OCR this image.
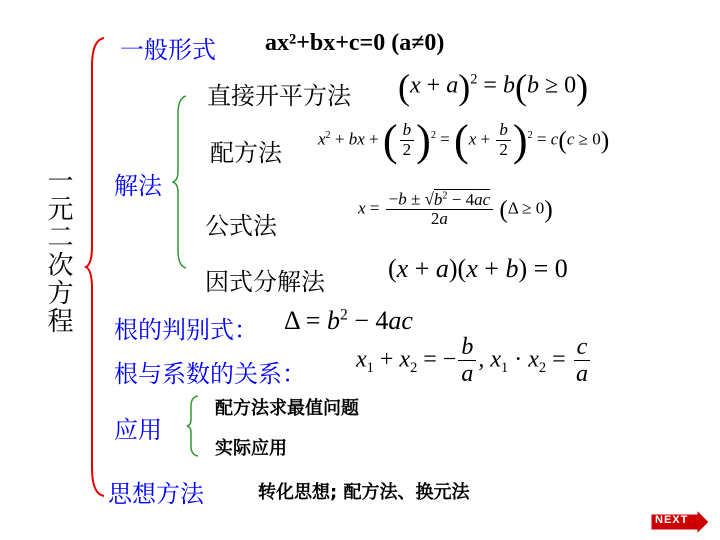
一元二次方程
一般形式 ax²+bx+c=0 (a≠0)
解法
直接开平方法 $(x + a)^2 = b(b \ge 0)$
配方法
$x^2$ + bx + ( $\frac{b}{2} )^2 = (x + \frac{b}{2} )^2 = c(c \ge 0)$
公式法
$x = \frac{-b \pm √b^2 - 4ac}{2a} (\Delta \ge 0)$
因式分解法 (x + a)(x + b) = 0
根的判别式： $\Delta = b^2 - 4ac$
根与系数的关系：
$x_1 + x_2$ = − $\frac{b}{a}$ , $x_1 \cdot x_2 = \frac{c}{a}$
应用
配方法求最值问题
实际应用
思想方法	转化思想; 配方法、换元法
NEXT
